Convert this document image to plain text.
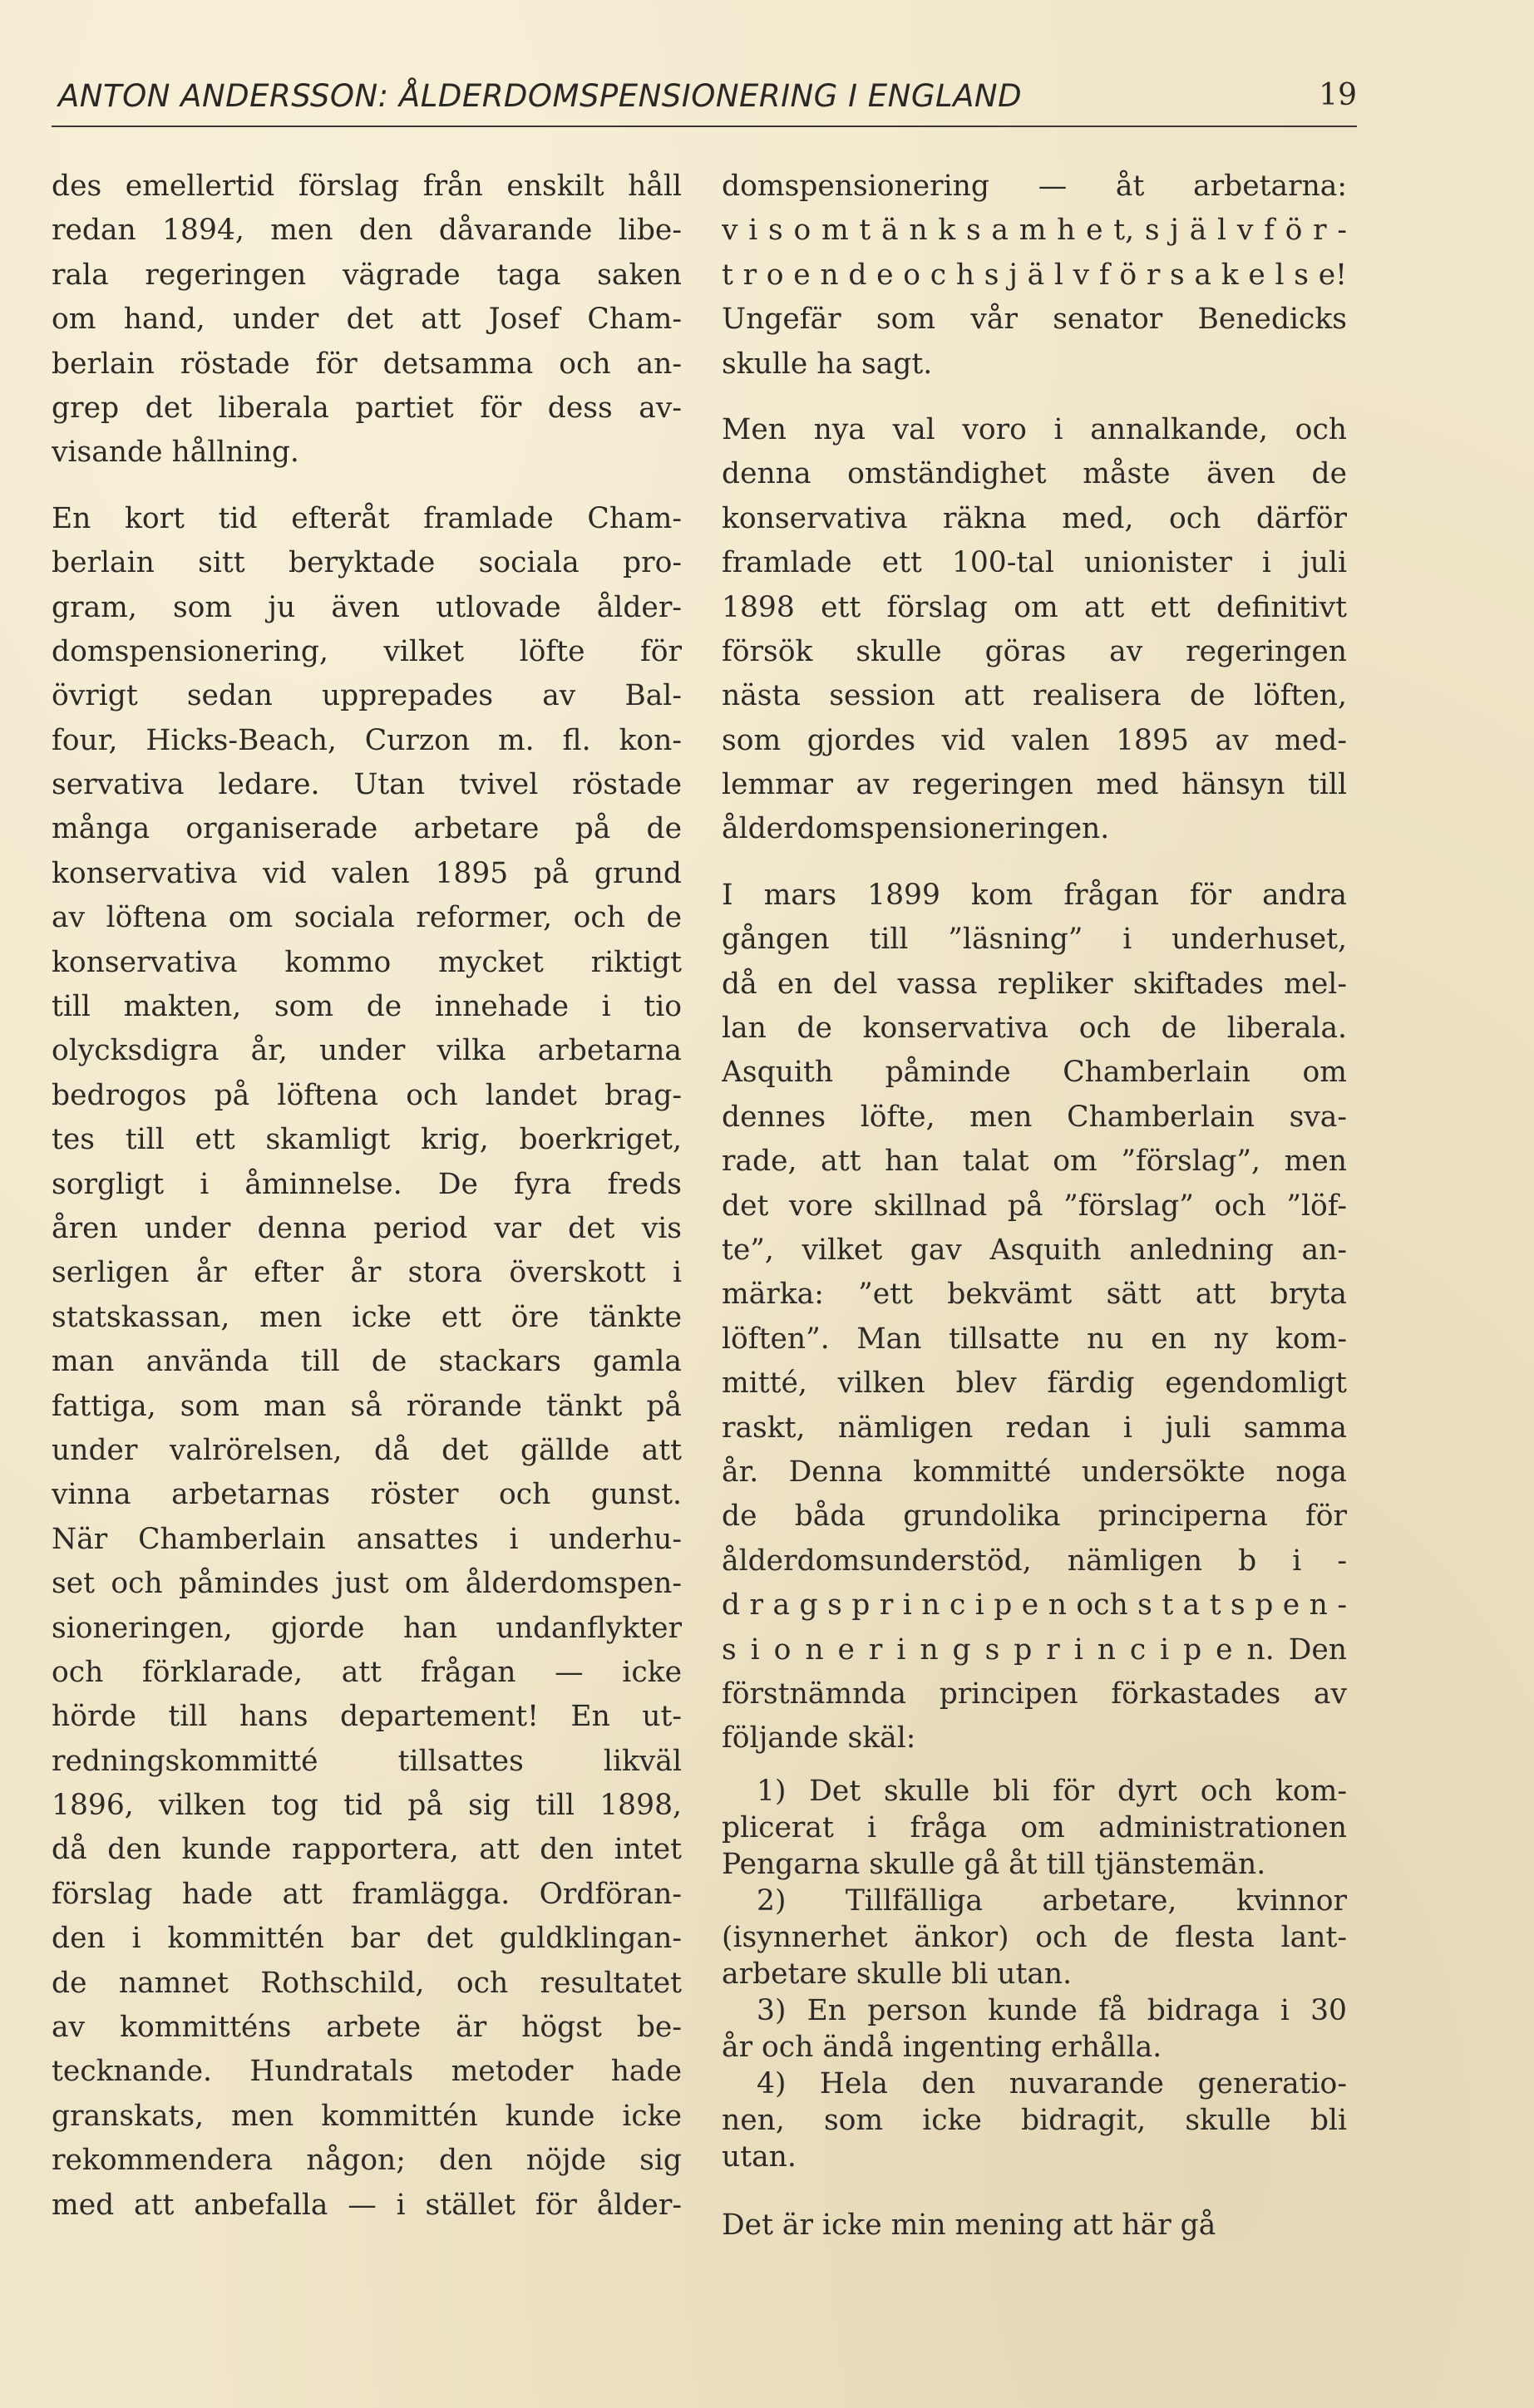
ANTON ANDERSSON: ÅLDERDOMSPENSIONERING I ENGLAND	19
des emellertid förslag från enskilt håll
redan 1894, men den dåvarande libe-
rala regeringen vägrade taga saken
om hand, under det att Josef Cham-
berlain röstade för detsamma och an-
grep det liberala partiet för dess av-
visande hållning.
En kort tid efteråt framlade Cham-
berlain sitt beryktade sociala pro-
gram, som ju även utlovade ålder-
domspensionering, vilket löfte för
övrigt sedan upprepades av Bal-
four, Hicks-Beach, Curzon m. fl. kon-
servativa ledare. Utan tvivel röstade
många organiserade arbetare på de
konservativa vid valen 1895 på grund
av löftena om sociala reformer, och de
konservativa kommo mycket riktigt
till makten, som de innehade i tio
olycksdigra år, under vilka arbetarna
bedrogos på löftena och landet brag-
tes till ett skamligt krig, boerkriget,
sorgligt i åminnelse. De fyra freds
åren under denna period var det vis
serligen år efter år stora överskott i
statskassan, men icke ett öre tänkte
man använda till de stackars gamla
fattiga, som man så rörande tänkt på
under valrörelsen, då det gällde att
vinna arbetarnas röster och gunst.
När Chamberlain ansattes i underhu-
set och påmindes just om ålderdomspen-
sioneringen, gjorde han undanflykter
och förklarade, att frågan — icke
hörde till hans departement! En ut-
redningskommitté tillsattes likväl
1896, vilken tog tid på sig till 1898,
då den kunde rapportera, att den intet
förslag hade att framlägga. Ordföran-
den i kommittén bar det guldklingan-
de namnet Rothschild, och resultatet
av kommitténs arbete är högst be-
tecknande. Hundratals metoder hade
granskats, men kommittén kunde icke
rekommendera någon; den nöjde sig
med att anbefalla — i stället för ålder-
domspensionering — åt arbetarna:
v i s o m t ä n k s a m h e t, s j ä l v f ö r -
t r o e n d e o c h s j ä l v f ö r s a k e l s e!
Ungefär som vår senator Benedicks
skulle ha sagt.
Men nya val voro i annalkande, och
denna omständighet måste även de
konservativa räkna med, och därför
framlade ett 100-tal unionister i juli
1898 ett förslag om att ett definitivt
försök skulle göras av regeringen
nästa session att realisera de löften,
som gjordes vid valen 1895 av med-
lemmar av regeringen med hänsyn till
ålderdomspensioneringen.
I mars 1899 kom frågan för andra
gången till ”läsning” i underhuset,
då en del vassa repliker skiftades mel-
lan de konservativa och de liberala.
Asquith påminde Chamberlain om
dennes löfte, men Chamberlain sva-
rade, att han talat om ”förslag”, men
det vore skillnad på ”förslag” och ”löf-
te”, vilket gav Asquith anledning an-
märka: ”ett bekvämt sätt att bryta
löften”. Man tillsatte nu en ny kom-
mitté, vilken blev färdig egendomligt
raskt, nämligen redan i juli samma
år. Denna kommitté undersökte noga
de båda grundolika principerna för
ålderdomsunderstöd, nämligen b i -
d r a g s p r i n c i p e n och s t a t s p e n -
s i o n e r i n g s p r i n c i p e n. Den
förstnämnda principen förkastades av
följande skäl:
1) Det skulle bli för dyrt och kom-
plicerat i fråga om administrationen
Pengarna skulle gå åt till tjänstemän.
2) Tillfälliga arbetare, kvinnor
(isynnerhet änkor) och de flesta lant-
arbetare skulle bli utan.
3) En person kunde få bidraga i 30
år och ändå ingenting erhålla.
4) Hela den nuvarande generatio-
nen, som icke bidragit, skulle bli
utan.
Det är icke min mening att här gå
